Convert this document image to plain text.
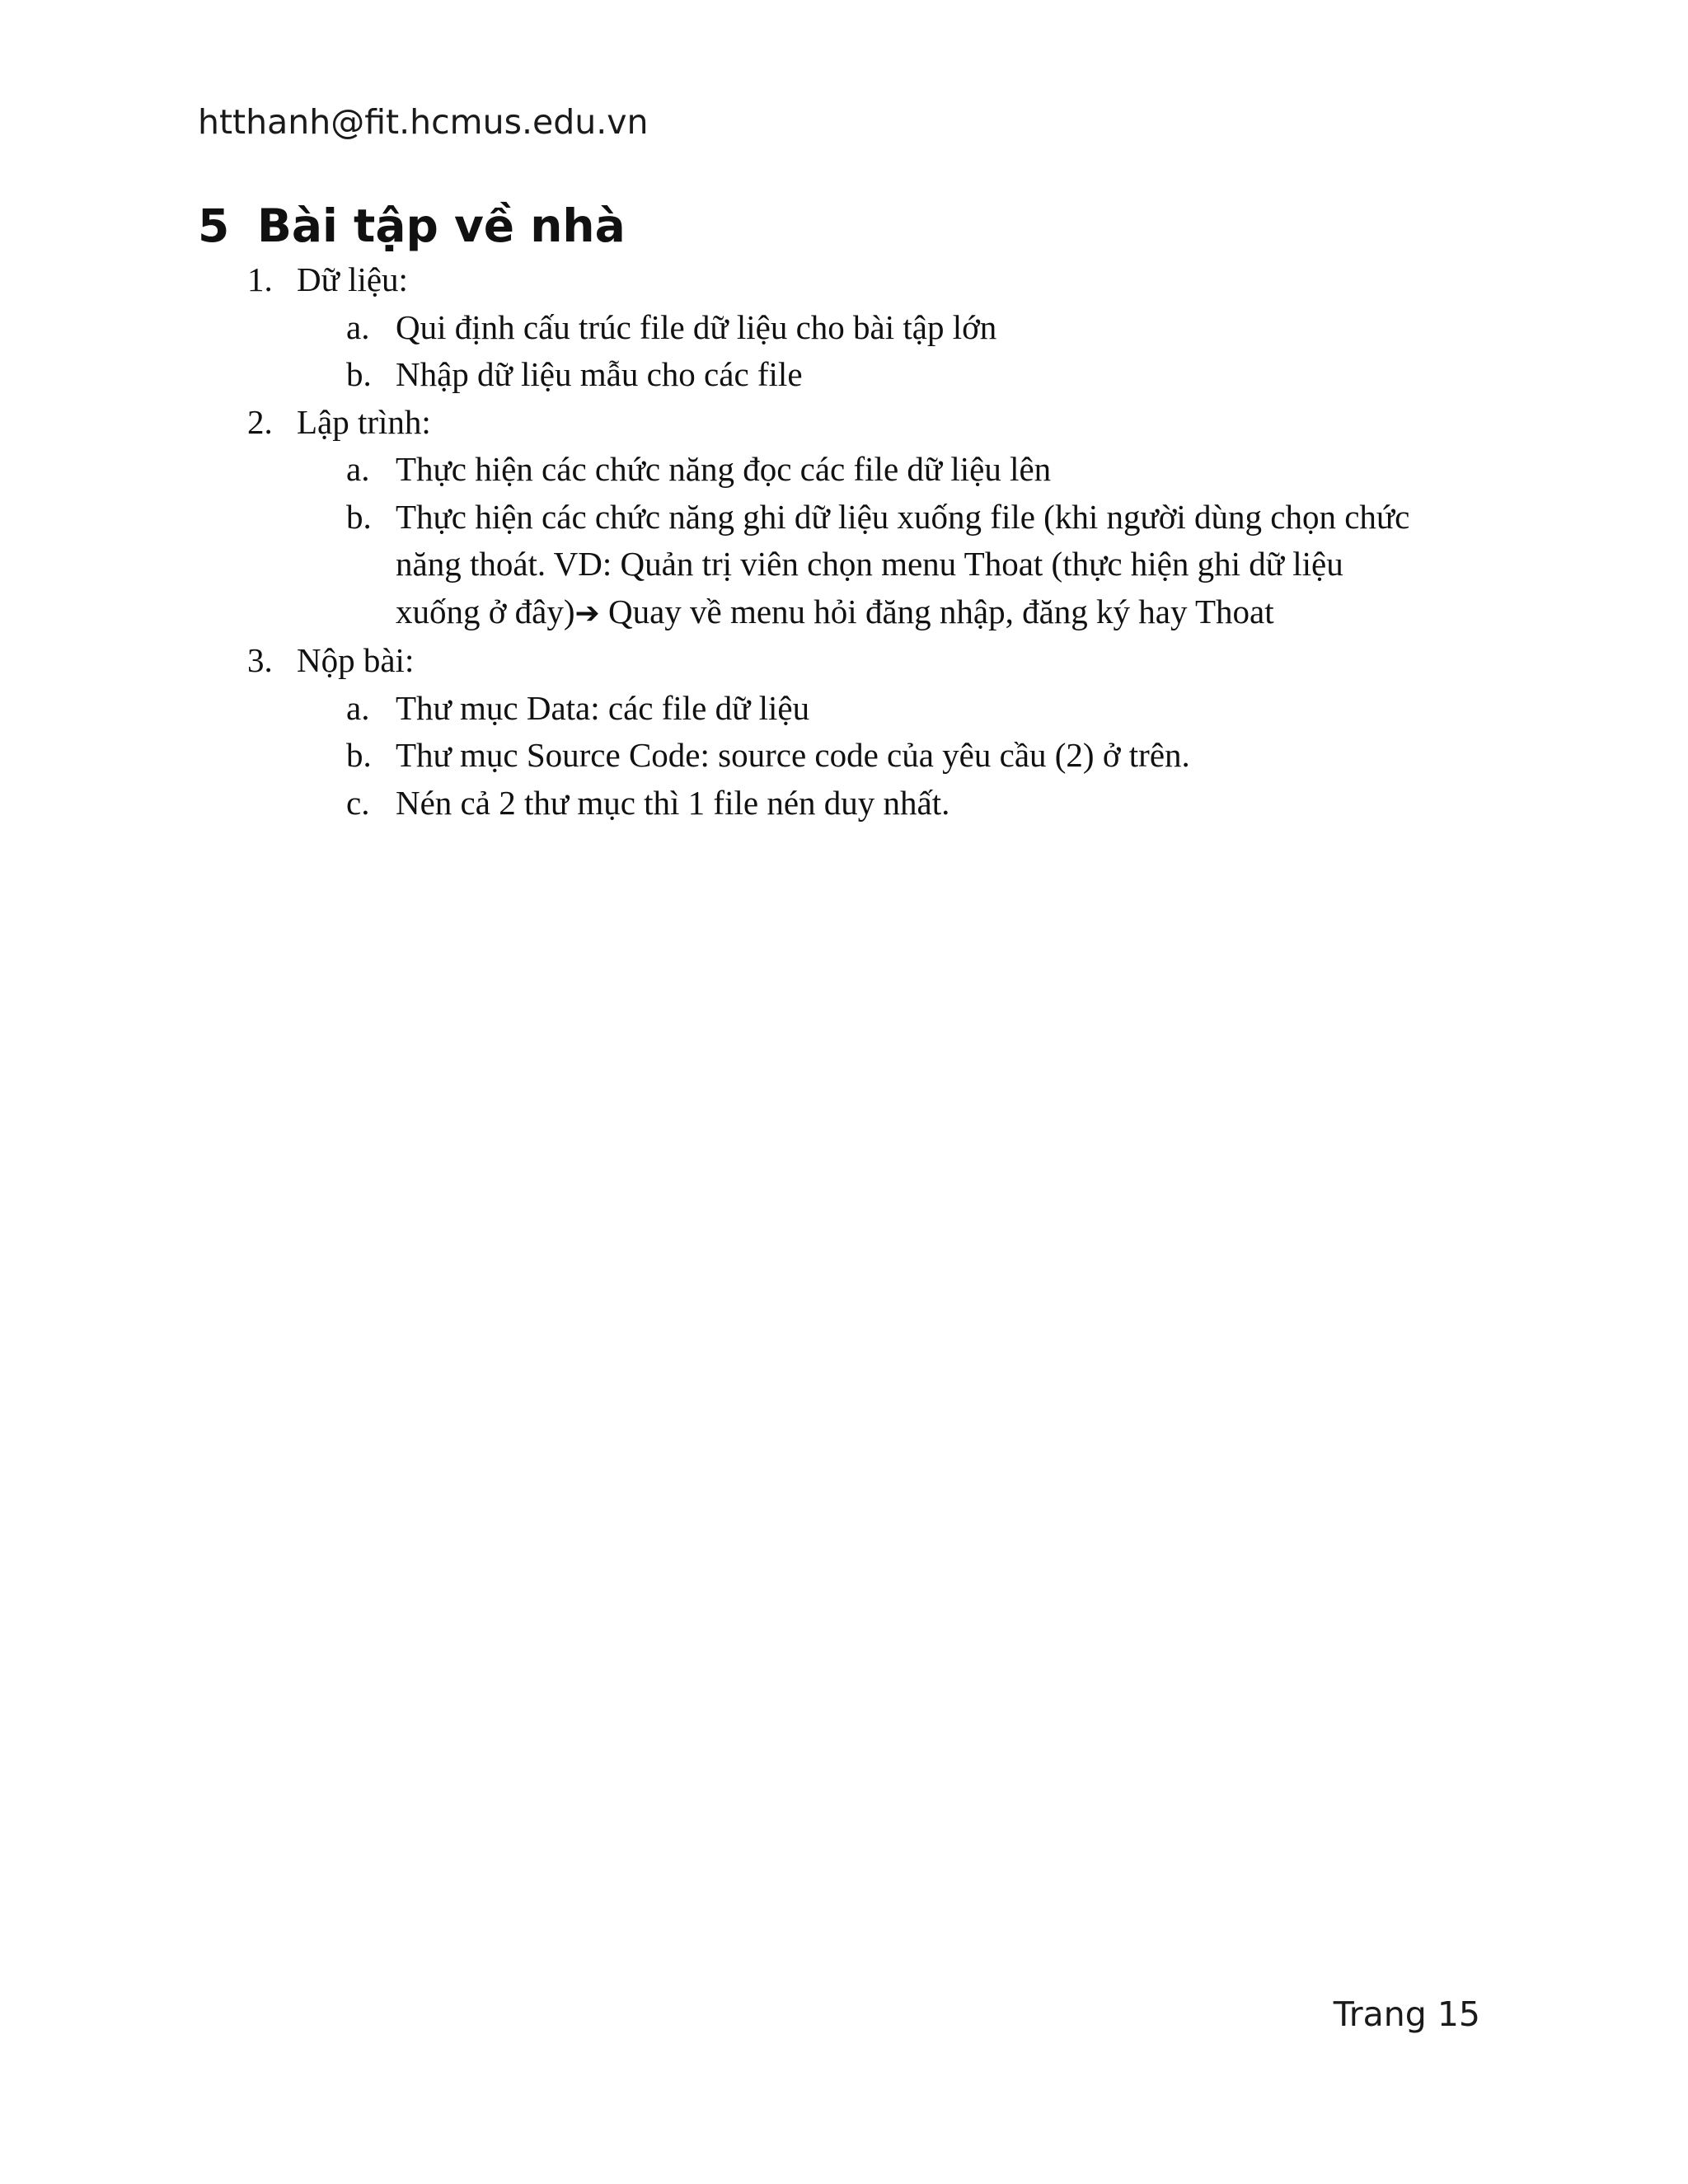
htthanh@fit.hcmus.edu.vn

5 Bài tập về nhà
1. Dữ liệu:
a. Qui định cấu trúc file dữ liệu cho bài tập lớn
b. Nhập dữ liệu mẫu cho các file
2. Lập trình:
a. Thực hiện các chức năng đọc các file dữ liệu lên
b. Thực hiện các chức năng ghi dữ liệu xuống file (khi người dùng chọn chức
năng thoát. VD: Quản trị viên chọn menu Thoat (thực hiện ghi dữ liệu
xuống ở đây)➔ Quay về menu hỏi đăng nhập, đăng ký hay Thoat
3. Nộp bài:
a. Thư mục Data: các file dữ liệu
b. Thư mục Source Code: source code của yêu cầu (2) ở trên.
c. Nén cả 2 thư mục thì 1 file nén duy nhất.

Trang 15
